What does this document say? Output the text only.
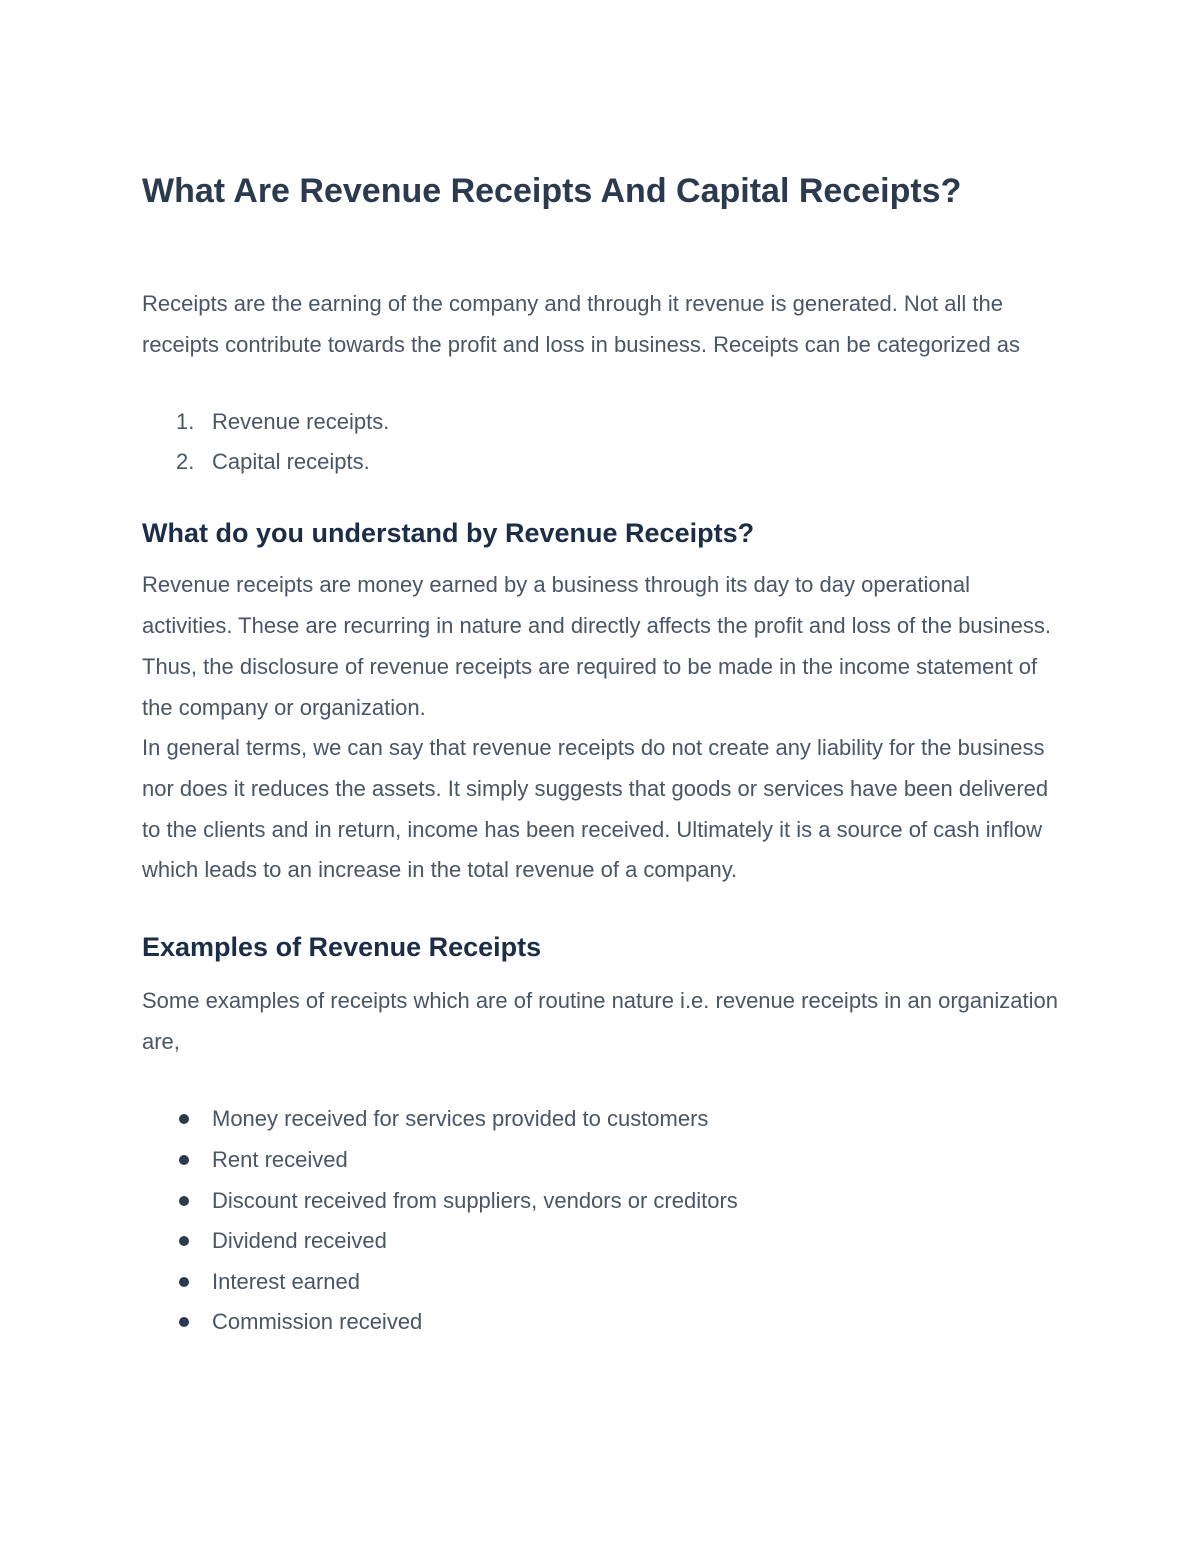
What Are Revenue Receipts And Capital Receipts?

Receipts are the earning of the company and through it revenue is generated. Not all the receipts contribute towards the profit and loss in business. Receipts can be categorized as

1. Revenue receipts.
2. Capital receipts.
What do you understand by Revenue Receipts?

Revenue receipts are money earned by a business through its day to day operational activities. These are recurring in nature and directly affects the profit and loss of the business. Thus, the disclosure of revenue receipts are required to be made in the income statement of the company or organization.

In general terms, we can say that revenue receipts do not create any liability for the business nor does it reduces the assets. It simply suggests that goods or services have been delivered to the clients and in return, income has been received. Ultimately it is a source of cash inflow which leads to an increase in the total revenue of a company.

Examples of Revenue Receipts

Some examples of receipts which are of routine nature i.e. revenue receipts in an organization are,

Money received for services provided to customers
Rent received
Discount received from suppliers, vendors or creditors
Dividend received
Interest earned
Commission received
